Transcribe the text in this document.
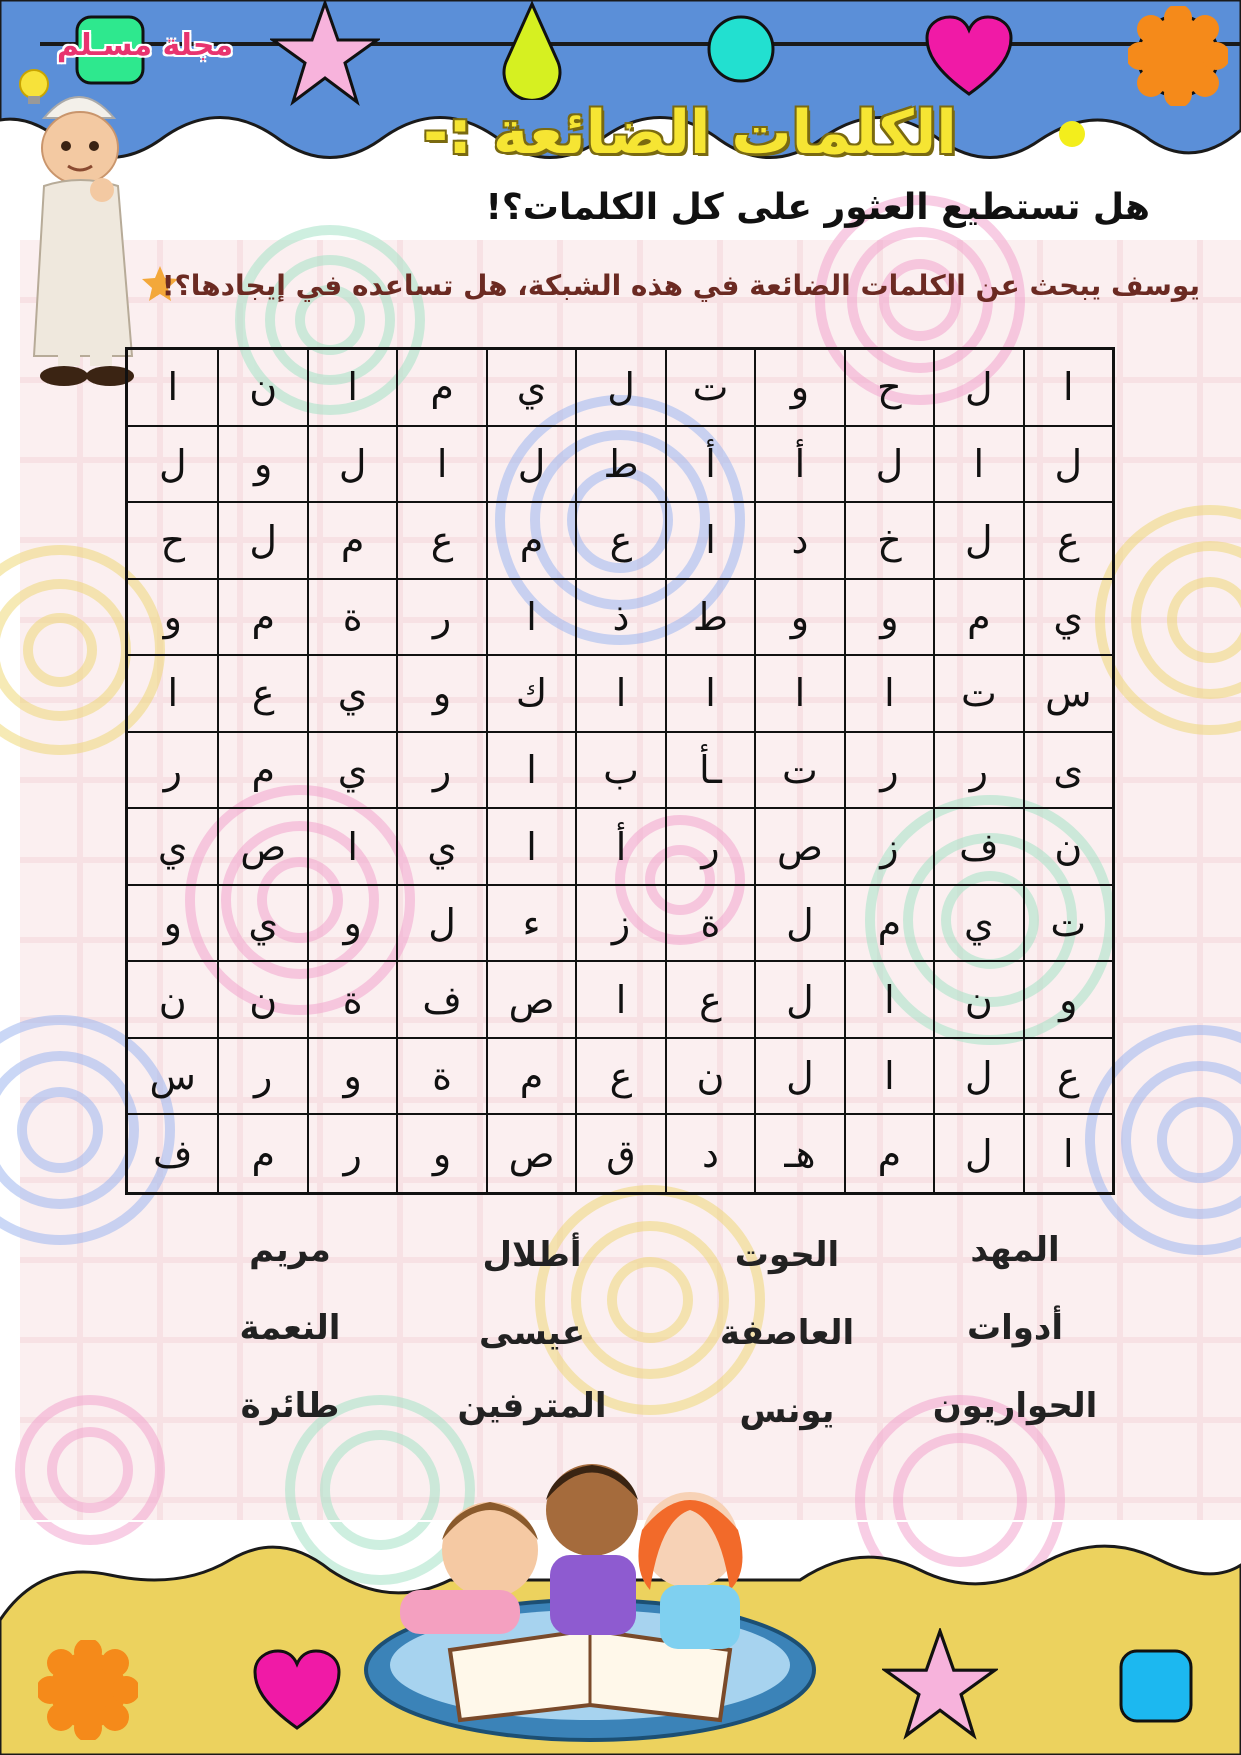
مجلة مسـلم
الكلمات الضائعة :-
هل تستطيع العثور على كل الكلمات؟!
يوسف يبحث عن الكلمات الضائعة في هذه الشبكة، هل تساعده في إيجادها؟!
ا
ل
ح
و
ت
ل
ي
م
ا
ن
ا
ل
ا
ل
أ
أ
ط
ل
ا
ل
و
ل
ع
ل
خ
د
ا
ع
م
ع
م
ل
ح
ي
م
و
و
ط
ذ
ا
ر
ة
م
و
س
ت
ا
ا
ا
ا
ك
و
ي
ع
ا
ى
ر
ر
ت
ـأ
ب
ا
ر
ي
م
ر
ن
ف
ز
ص
ر
أ
ا
ي
ا
ص
ي
ت
ي
م
ل
ة
ز
ء
ل
و
ي
و
و
ن
ا
ل
ع
ا
ص
ف
ة
ن
ن
ع
ل
ا
ل
ن
ع
م
ة
و
ر
س
ا
ل
م
هـ
د
ق
ص
و
ر
م
ف
المهد
الحوت
أطلال
مريم
أدوات
العاصفة
عيسى
النعمة
الحواريون
يونس
المترفين
طائرة
